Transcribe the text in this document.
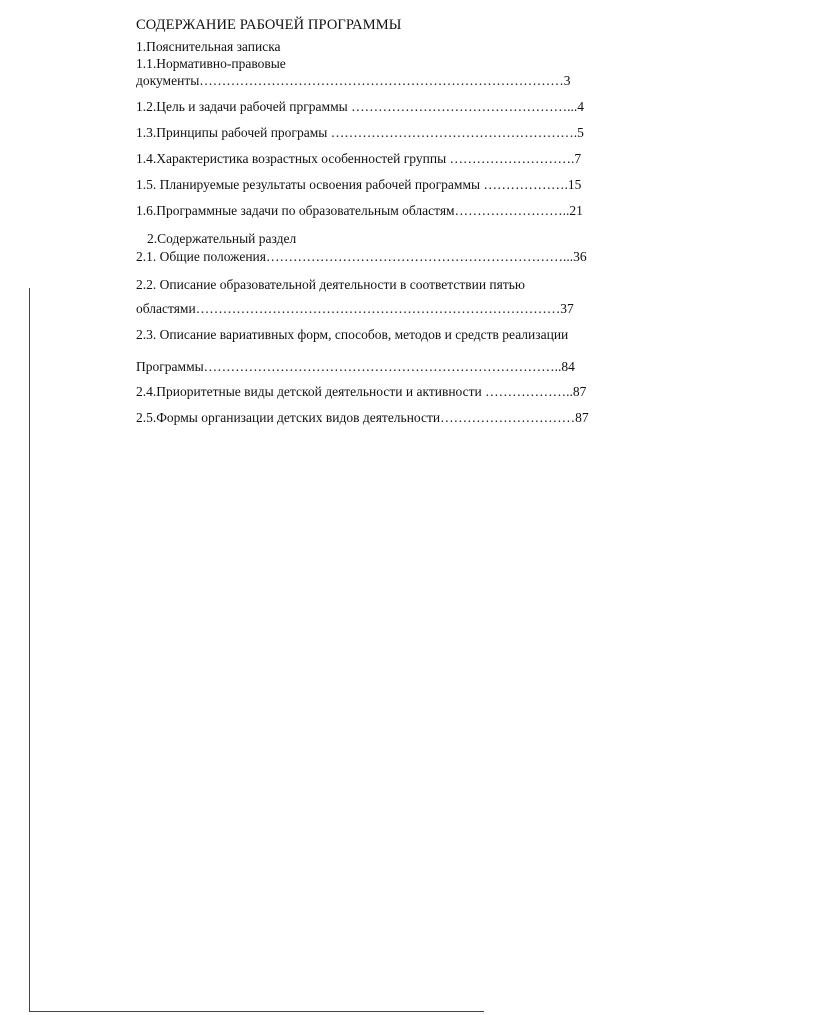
СОДЕРЖАНИЕ РАБОЧЕЙ ПРОГРАММЫ
1.Пояснительная записка
1.1.Нормативно-правовые
документы………………………………………………………………………3
1.2.Цель и задачи рабочей прграммы …………………………………………...4
1.3.Принципы рабочей програмы ……………………………………………….5
1.4.Характеристика возрастных особенностей группы ……………………….7
1.5. Планируемые результаты освоения рабочей программы ……………….15
1.6.Программные задачи по образовательным областям……………………..21
2.Содержательный раздел
2.1. Общие положения…………………………………………………………...36
2.2. Описание образовательной деятельности в соответствии пятью
областями………………………………………………………………………37
2.3. Описание вариативных форм, способов, методов и средств реализации
Программы……………………………………………………………………..84
2.4.Приоритетные виды детской деятельности и активности ………………..87
2.5.Формы организации детских видов деятельности…………………………87
